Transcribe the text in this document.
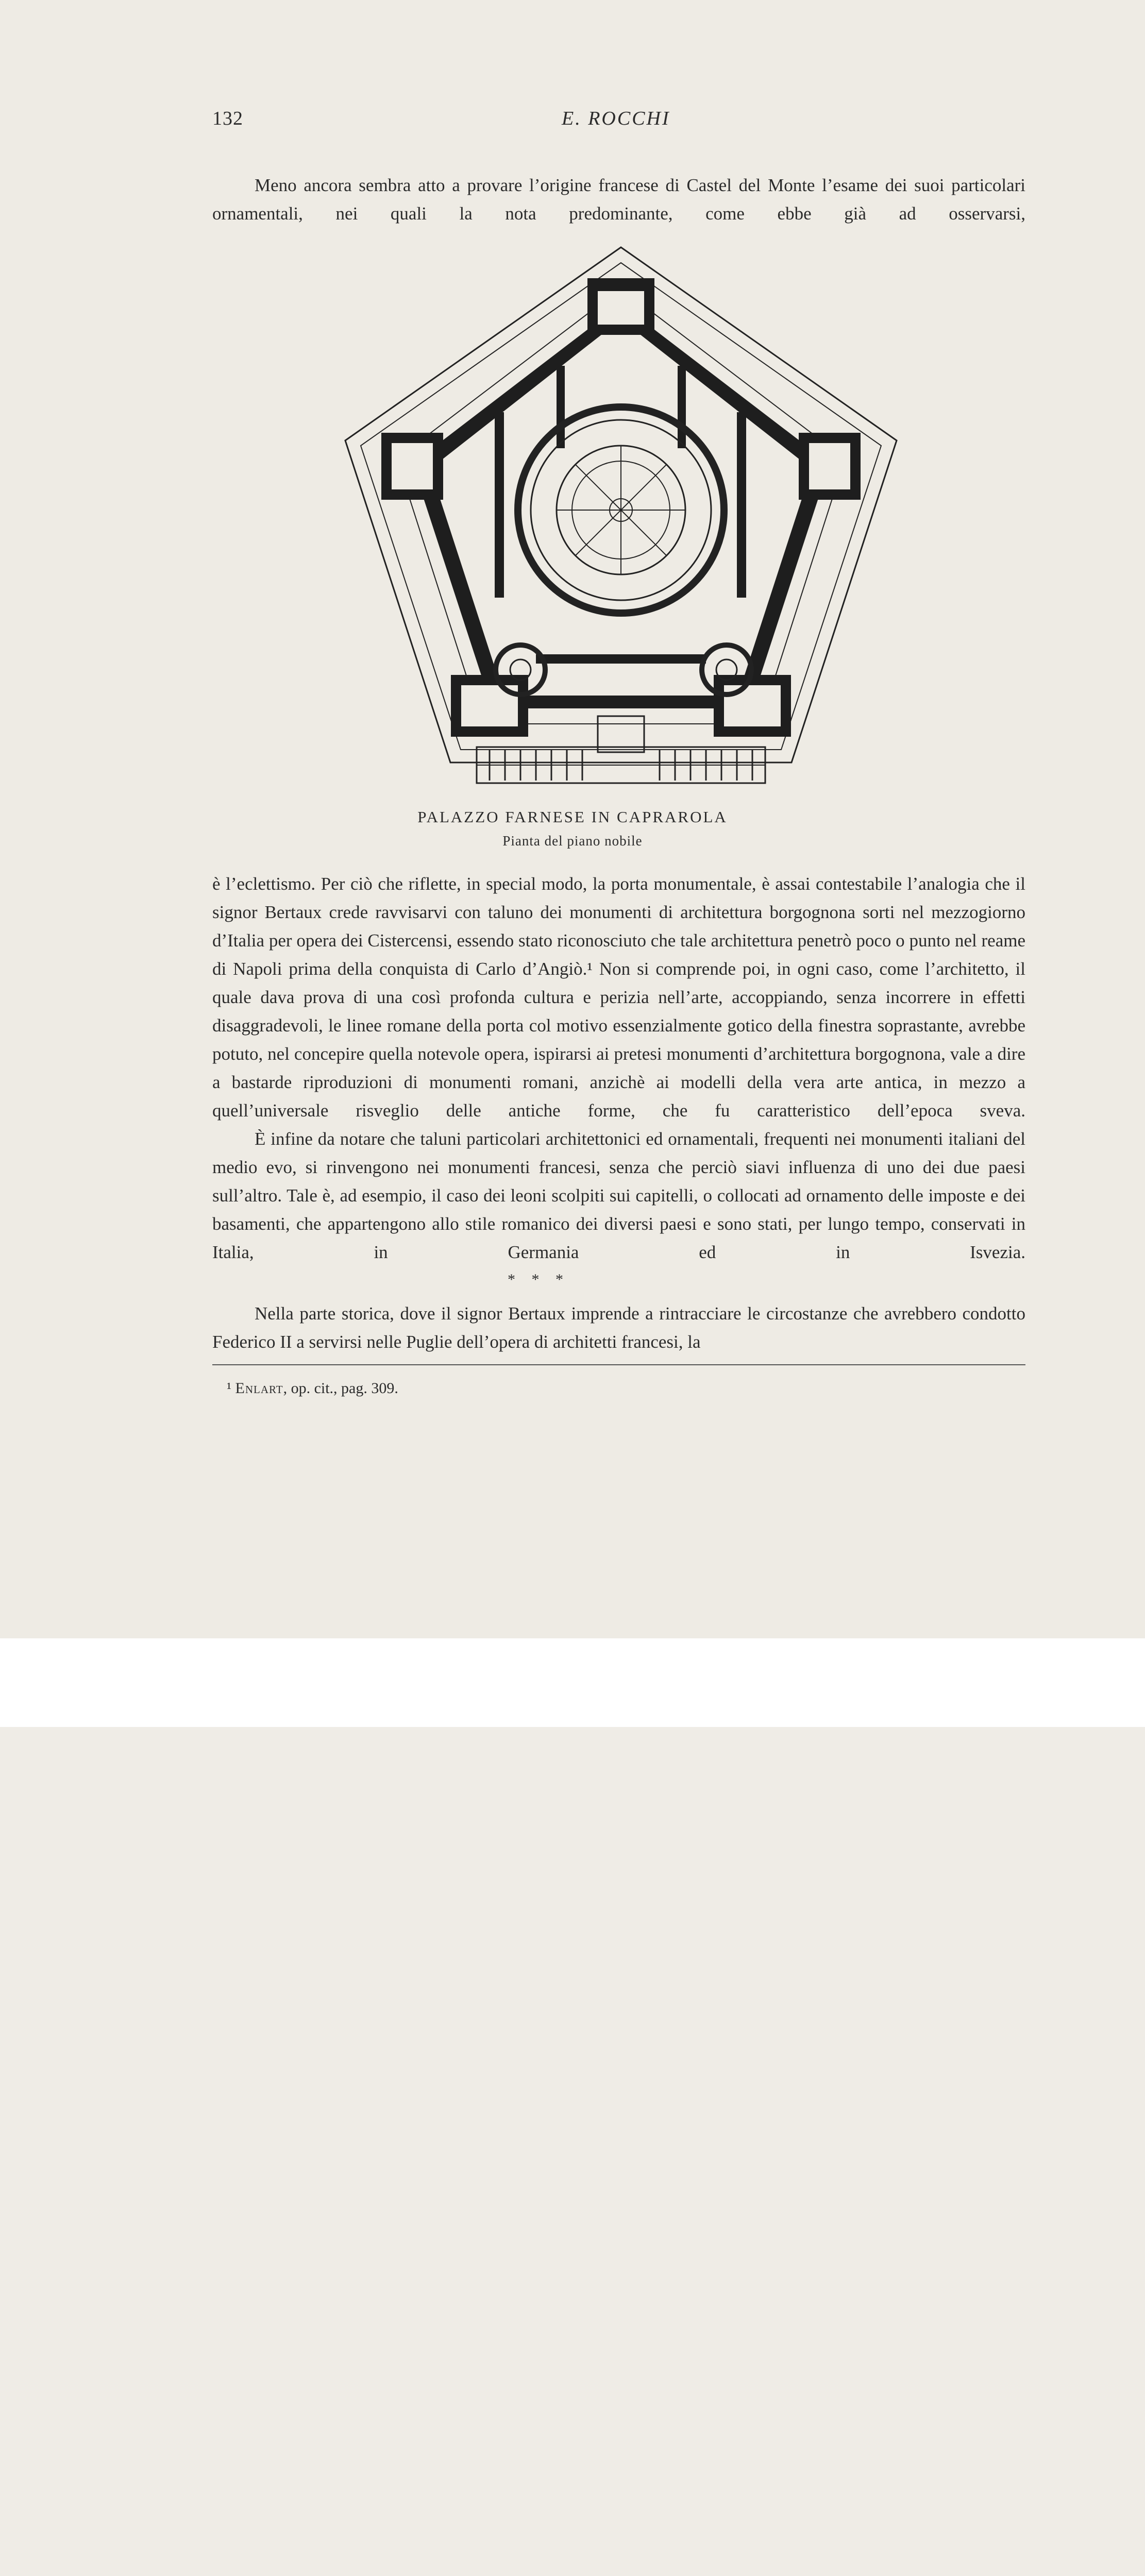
132	E. ROCCHI

Meno ancora sembra atto a provare l’origine francese di Castel del Monte l’esame dei suoi particolari ornamentali, nei quali la nota predominante, come ebbe già ad osservarsi,

PALAZZO FARNESE IN CAPRAROLA

Pianta del piano nobile

è l’eclettismo. Per ciò che riflette, in special modo, la porta monumentale, è assai contestabile l’analogia che il signor Bertaux crede ravvisarvi con taluno dei monumenti di architettura borgognona sorti nel mezzogiorno d’Italia per opera dei Cistercensi, essendo stato riconosciuto che tale architettura penetrò poco o punto nel reame di Napoli prima della conquista di Carlo d’Angiò.¹ Non si comprende poi, in ogni caso, come l’architetto, il quale dava prova di una così profonda cultura e perizia nell’arte, accoppiando, senza incorrere in effetti disaggradevoli, le linee romane della porta col motivo essenzialmente gotico della finestra soprastante, avrebbe potuto, nel concepire quella notevole opera, ispirarsi ai pretesi monumenti d’architettura borgognona, vale a dire a bastarde riproduzioni di monumenti romani, anzichè ai modelli della vera arte antica, in mezzo a quell’universale risveglio delle antiche forme, che fu caratteristico dell’epoca sveva.

È infine da notare che taluni particolari architettonici ed ornamentali, frequenti nei monumenti italiani del medio evo, si rinvengono nei monumenti francesi, senza che perciò siavi influenza di uno dei due paesi sull’altro. Tale è, ad esempio, il caso dei leoni scolpiti sui capitelli, o collocati ad ornamento delle imposte e dei basamenti, che appartengono allo stile romanico dei diversi paesi e sono stati, per lungo tempo, conservati in Italia, in Germania ed in Isvezia.

* * *

Nella parte storica, dove il signor Bertaux imprende a rintracciare le circostanze che avrebbero condotto Federico II a servirsi nelle Puglie dell’opera di architetti francesi, la

¹ Enlart, op. cit., pag. 309.
